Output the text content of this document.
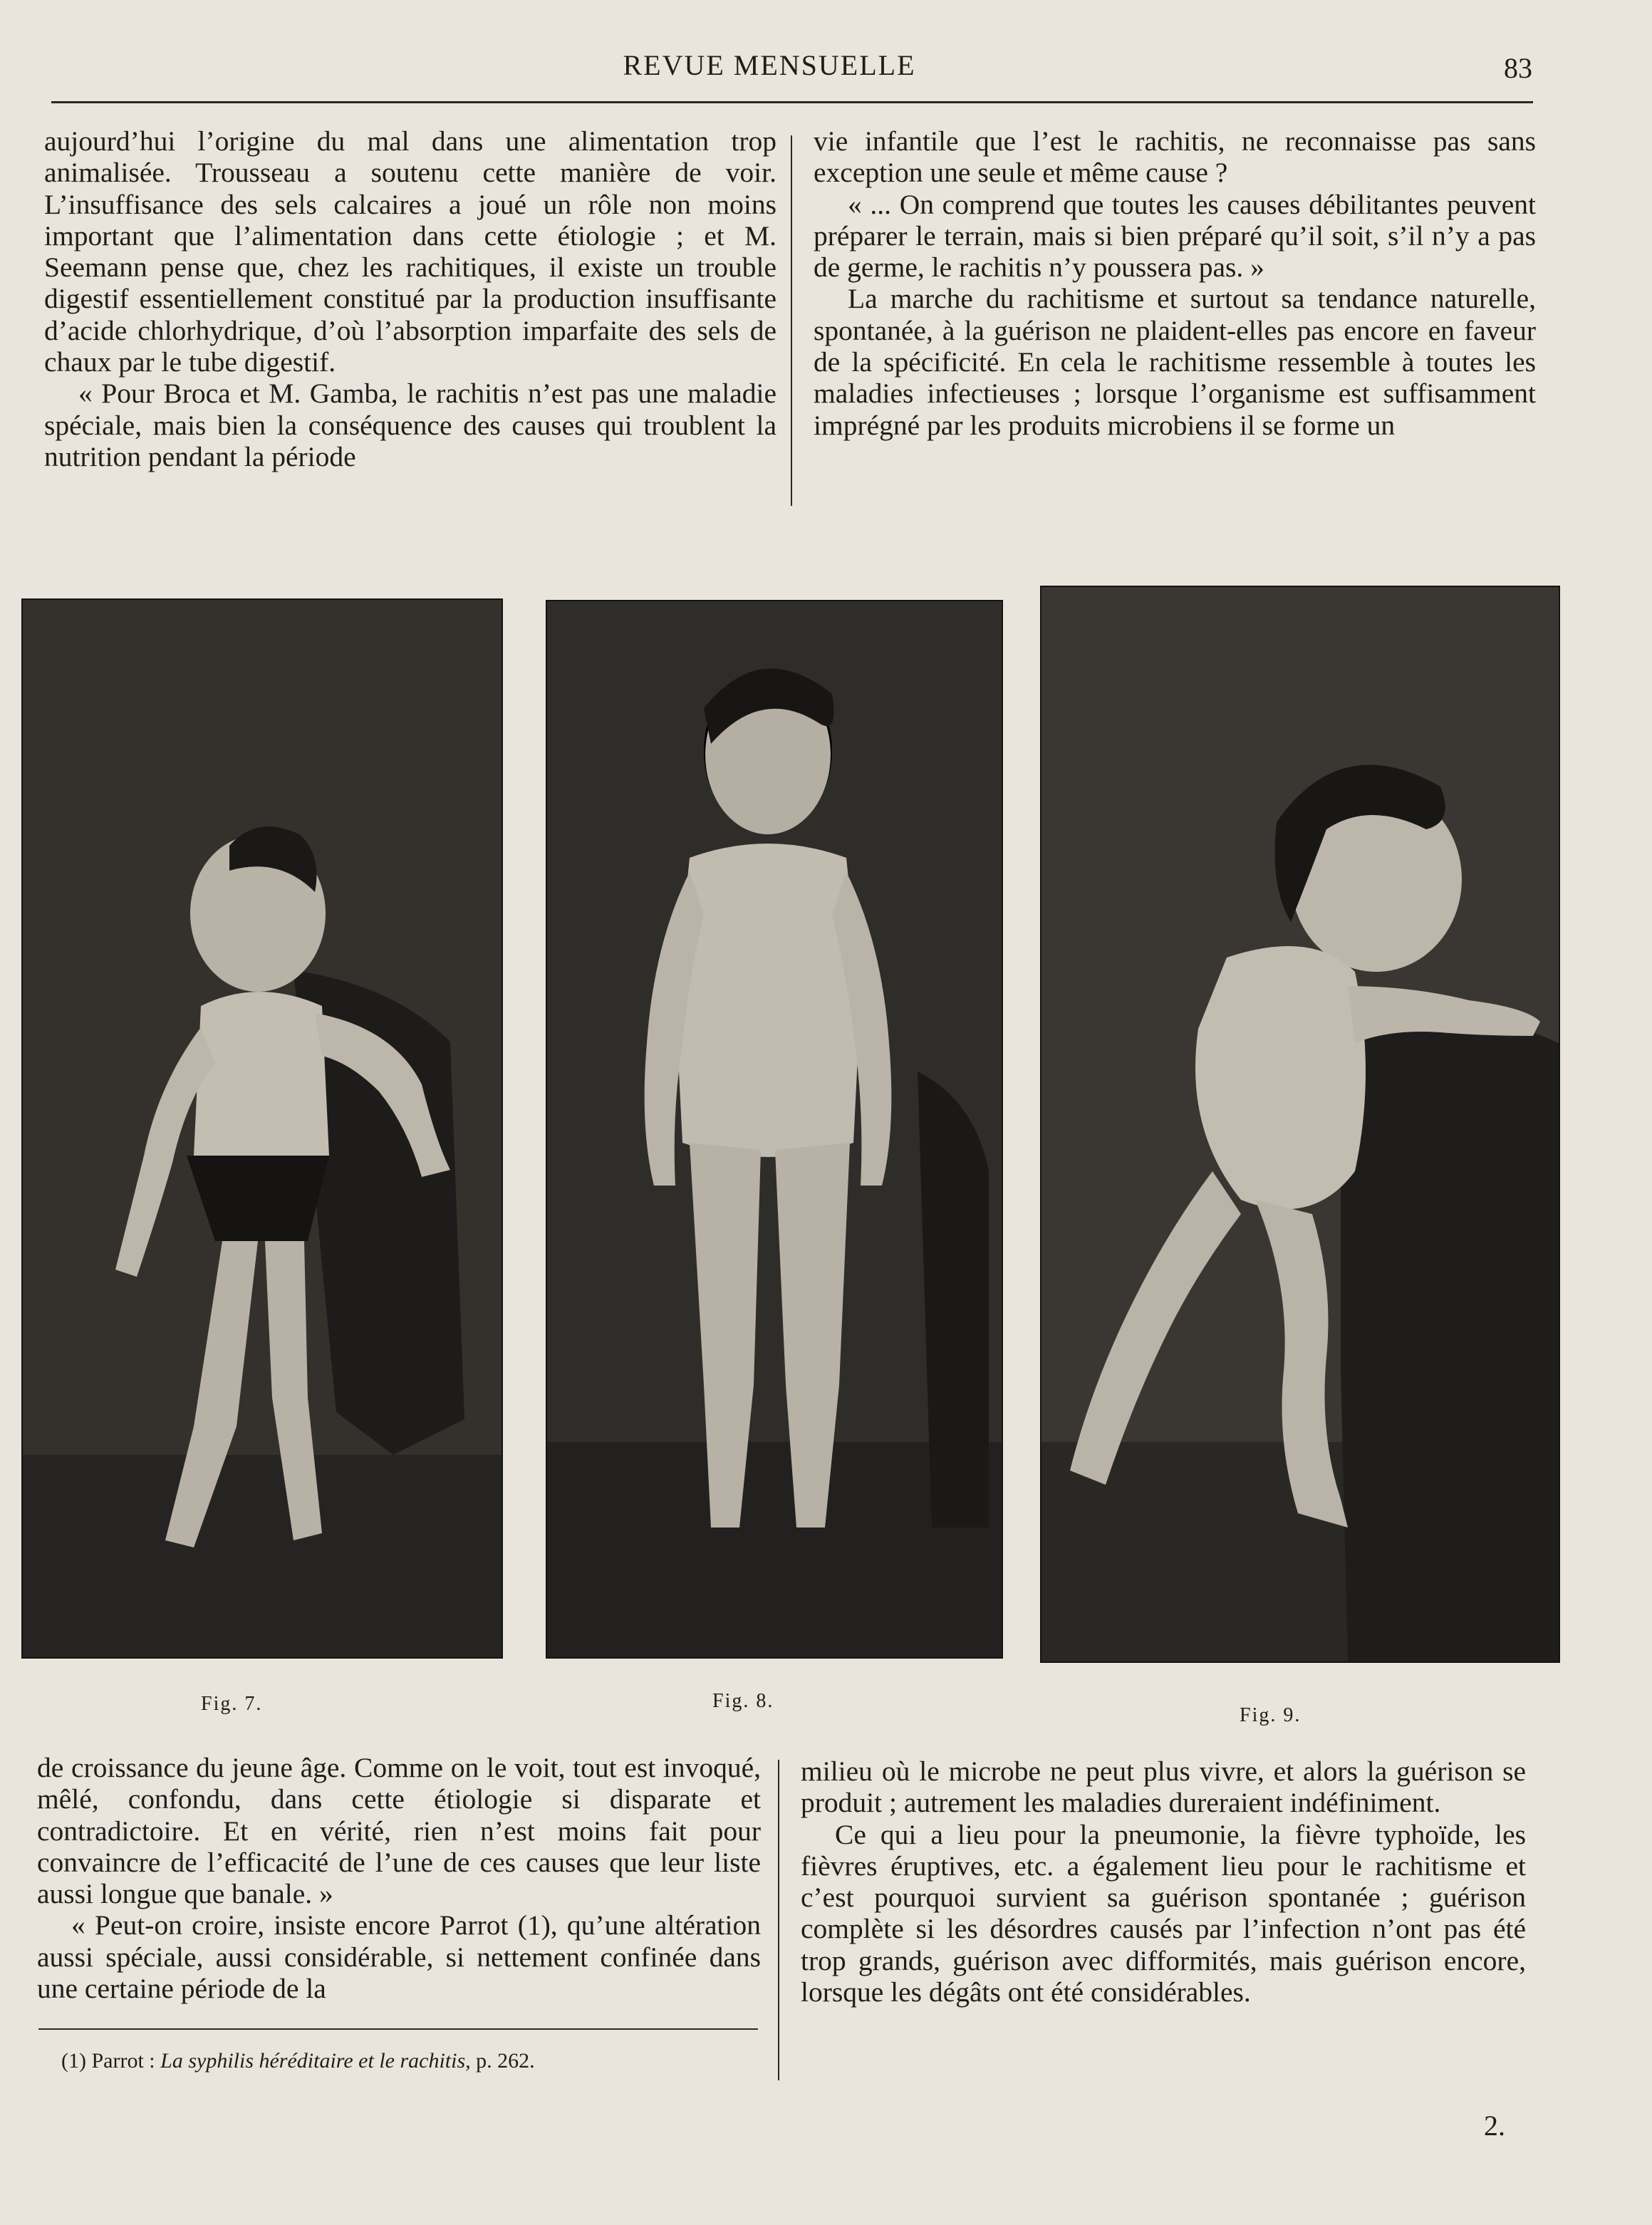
REVUE MENSUELLE	83

aujourd’hui l’origine du mal dans une alimentation trop animalisée. Trousseau a soutenu cette manière de voir. L’insuffisance des sels calcaires a joué un rôle non moins important que l’alimentation dans cette étiologie ; et M. Seemann pense que, chez les rachitiques, il existe un trouble digestif essentiellement constitué par la production insuffisante d’acide chlorhydrique, d’où l’absorption imparfaite des sels de chaux par le tube digestif.

« Pour Broca et M. Gamba, le rachitis n’est pas une maladie spéciale, mais bien la conséquence des causes qui troublent la nutrition pendant la période

vie infantile que l’est le rachitis, ne reconnaisse pas sans exception une seule et même cause ?

« ... On comprend que toutes les causes débilitantes peuvent préparer le terrain, mais si bien préparé qu’il soit, s’il n’y a pas de germe, le rachitis n’y poussera pas. »

La marche du rachitisme et surtout sa tendance naturelle, spontanée, à la guérison ne plaident-elles pas encore en faveur de la spécificité. En cela le rachitisme ressemble à toutes les maladies infectieuses ; lorsque l’organisme est suffisamment imprégné par les produits microbiens il se forme un

Fig. 7.	Fig. 8.
Fig. 9.

de croissance du jeune âge. Comme on le voit, tout est invoqué, mêlé, confondu, dans cette étiologie si disparate et contradictoire. Et en vérité, rien n’est moins fait pour convaincre de l’efficacité de l’une de ces causes que leur liste aussi longue que banale. »

« Peut-on croire, insiste encore Parrot (1), qu’une altération aussi spéciale, aussi considérable, si nettement confinée dans une certaine période de la

milieu où le microbe ne peut plus vivre, et alors la guérison se produit ; autrement les maladies dureraient indéfiniment.

Ce qui a lieu pour la pneumonie, la fièvre typhoïde, les fièvres éruptives, etc. a également lieu pour le rachitisme et c’est pourquoi survient sa guérison spontanée ; guérison complète si les désordres causés par l’infection n’ont pas été trop grands, guérison avec difformités, mais guérison encore, lorsque les dégâts ont été considérables.

(1) Parrot : La syphilis héréditaire et le rachitis, p. 262.
2.
